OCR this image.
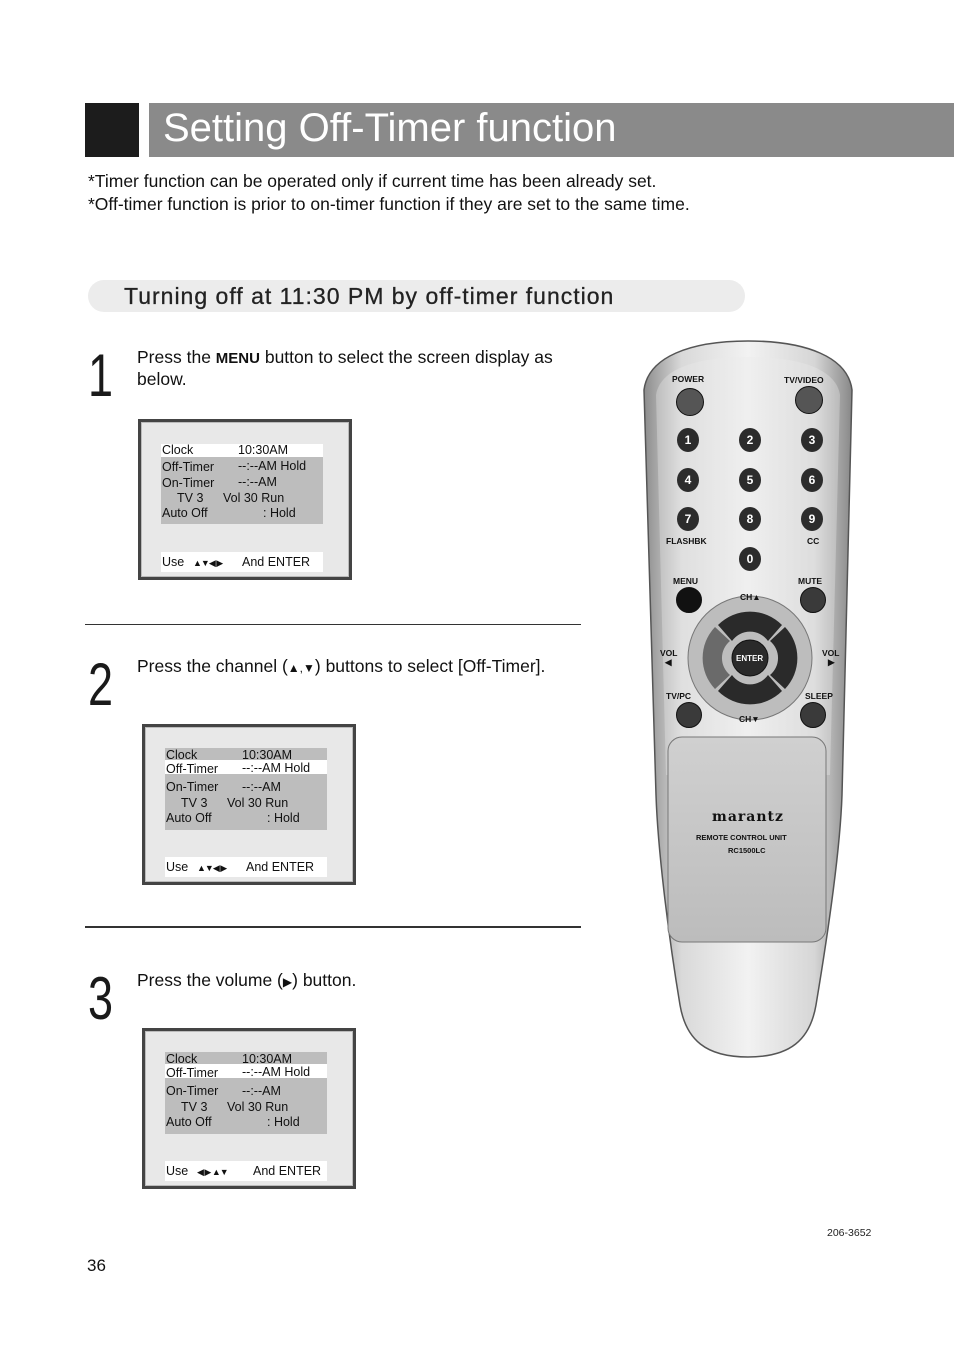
Setting Off-Timer function
*Timer function can be operated only if current time has been already set.
*Off-timer function is prior to on-timer function if they are set to the same time.
Turning off at 11:30 PM by off-timer function
1 Press the MENU button to select the screen display as below.
Clock	10:30AM
Off-Timer --:--AM Hold
On-Timer --:--AM
TV 3 Vol 30 Run
Auto Off	: Hold
Use ▲▼◀ ▶ And ENTER
2 Press the channel (▲,▼) buttons to select [Off-Timer].
Clock	10:30AM
Off-Timer --:--AM Hold
On-Timer --:--AM
TV 3 Vol 30 Run
Auto Off	: Hold
Use ▲▼◀ ▶ And ENTER
3 Press the volume (▶) button.
Clock	10:30AM
Off-Timer --:--AM Hold
On-Timer --:--AM
TV 3 Vol 30 Run
Auto Off	: Hold
Use ◀ ▶ ▲▼ And ENTER
POWER	TV/VIDEO
1	2	3
4	5	6
7	8	9
FLASHBK	CC
0
MENU	MUTE
CH▲
VOL
◀
VOL
▶
ENTER
TV/PC	SLEEP
CH▼
marantz
REMOTE CONTROL UNIT
RC1500LC
206-3652
36
